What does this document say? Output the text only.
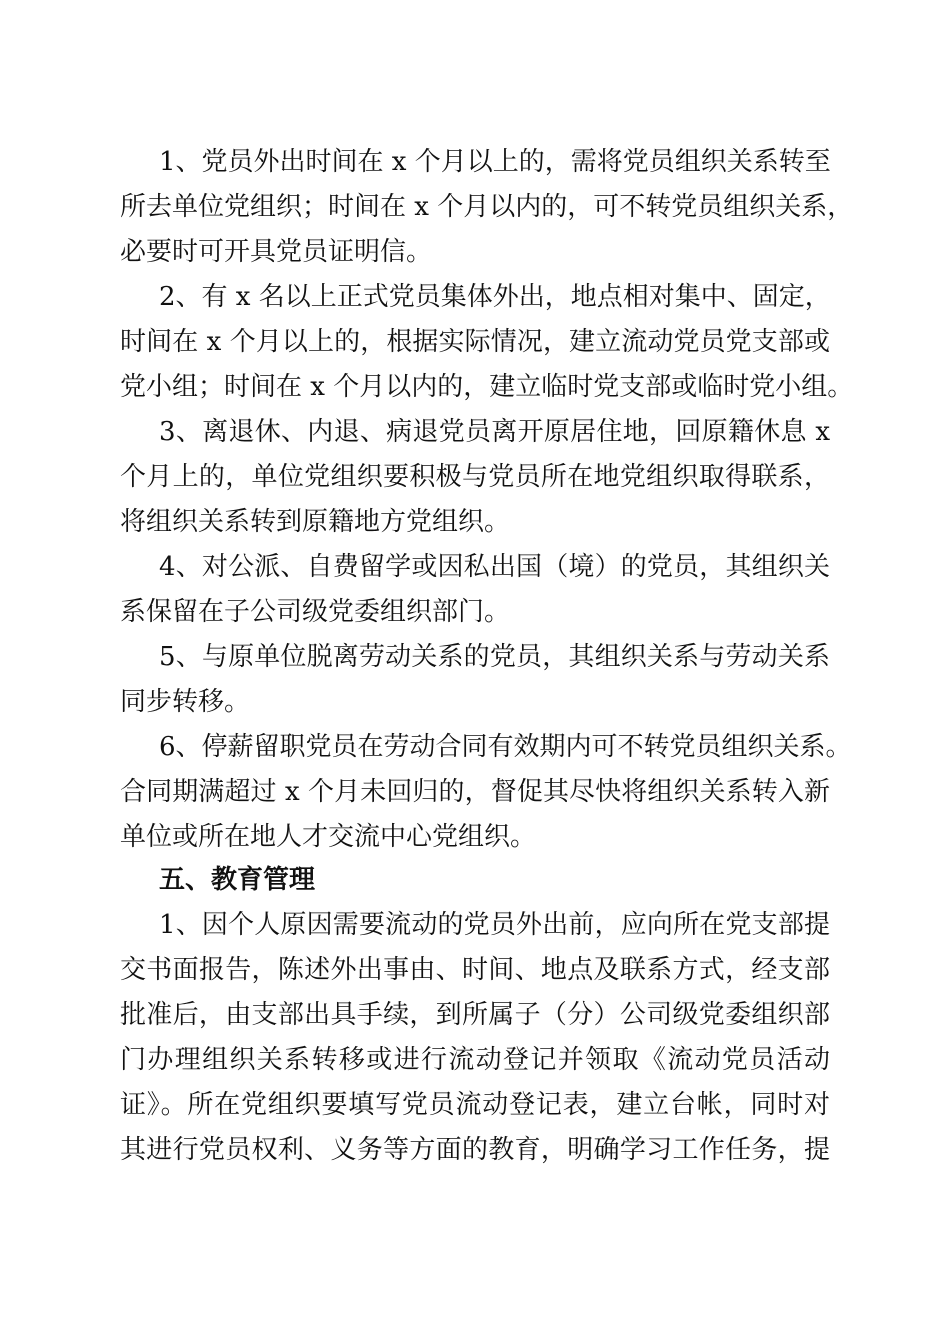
1、党员外出时间在 x 个月以上的，需将党员组织关系转至
所去单位党组织；时间在 x 个月以内的，可不转党员组织关系，
必要时可开具党员证明信。
2、有 x 名以上正式党员集体外出，地点相对集中、固定，
时间在 x 个月以上的，根据实际情况，建立流动党员党支部或
党小组；时间在 x 个月以内的，建立临时党支部或临时党小组。
3、离退休、内退、病退党员离开原居住地，回原籍休息 x
个月上的，单位党组织要积极与党员所在地党组织取得联系，
将组织关系转到原籍地方党组织。
4、对公派、自费留学或因私出国（境）的党员，其组织关
系保留在子公司级党委组织部门。
5、与原单位脱离劳动关系的党员，其组织关系与劳动关系
同步转移。
6、停薪留职党员在劳动合同有效期内可不转党员组织关系。
合同期满超过 x 个月未回归的，督促其尽快将组织关系转入新
单位或所在地人才交流中心党组织。
五、教育管理
1、因个人原因需要流动的党员外出前，应向所在党支部提
交书面报告，陈述外出事由、时间、地点及联系方式，经支部
批准后，由支部出具手续，到所属子（分）公司级党委组织部
门办理组织关系转移或进行流动登记并领取《流动党员活动
证》。所在党组织要填写党员流动登记表，建立台帐，同时对
其进行党员权利、义务等方面的教育，明确学习工作任务，提
